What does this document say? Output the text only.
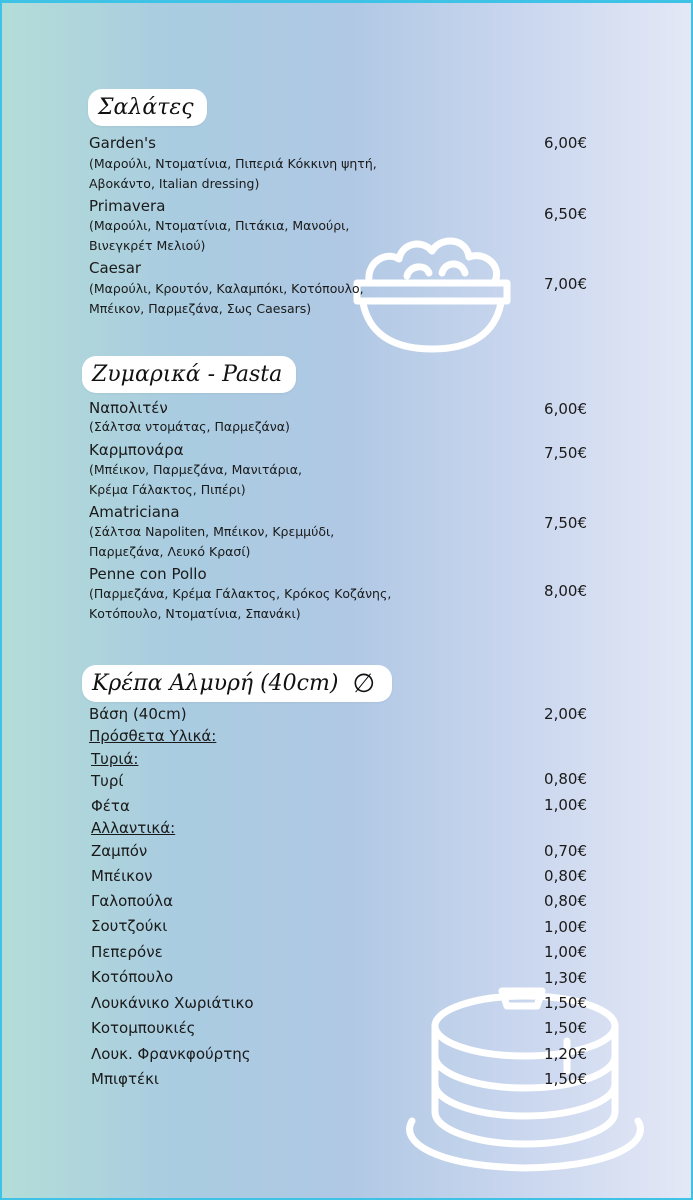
Σαλάτες
Garden's
(Μαρούλι, Ντοματίνια, Πιπεριά Κόκκινη ψητή,
Αβοκάντο, Italian dressing)
6,00€
Primavera
(Μαρούλι, Ντοματίνια, Πιτάκια, Μανούρι,
Βινεγκρέτ Μελιού)
6,50€
Caesar
(Μαρούλι, Κρουτόν, Καλαμπόκι, Κοτόπουλο,
Μπέικον, Παρμεζάνα, Σως Caesars)
7,00€
Ζυμαρικά - Pasta
Ναπολιτέν
(Σάλτσα ντομάτας, Παρμεζάνα)
6,00€
Καρμπονάρα
(Μπέικον, Παρμεζάνα, Μανιτάρια,
Κρέμα Γάλακτος, Πιπέρι)
7,50€
Amatriciana
(Σάλτσα Napoliten, Μπέικον, Κρεμμύδι,
Παρμεζάνα, Λευκό Κρασί)
7,50€
Penne con Pollo
(Παρμεζάνα, Κρέμα Γάλακτος, Κρόκος Κοζάνης,
Κοτόπουλο, Ντοματίνια, Σπανάκι)
8,00€
Κρέπα Αλμυρή (40cm) ∅
Βάση (40cm)	2,00€
Πρόσθετα Υλικά:
Τυριά:
Τυρί	0,80€
Φέτα	1,00€
Αλλαντικά:
Ζαμπόν	0,70€
Μπέικον	0,80€
Γαλοπούλα	0,80€
Σουτζούκι	1,00€
Πεπερόνε	1,00€
Κοτόπουλο	1,30€
Λουκάνικο Χωριάτικο	1,50€
Κοτομπουκιές	1,50€
Λουκ. Φρανκφούρτης	1,20€
Μπιφτέκι	1,50€
